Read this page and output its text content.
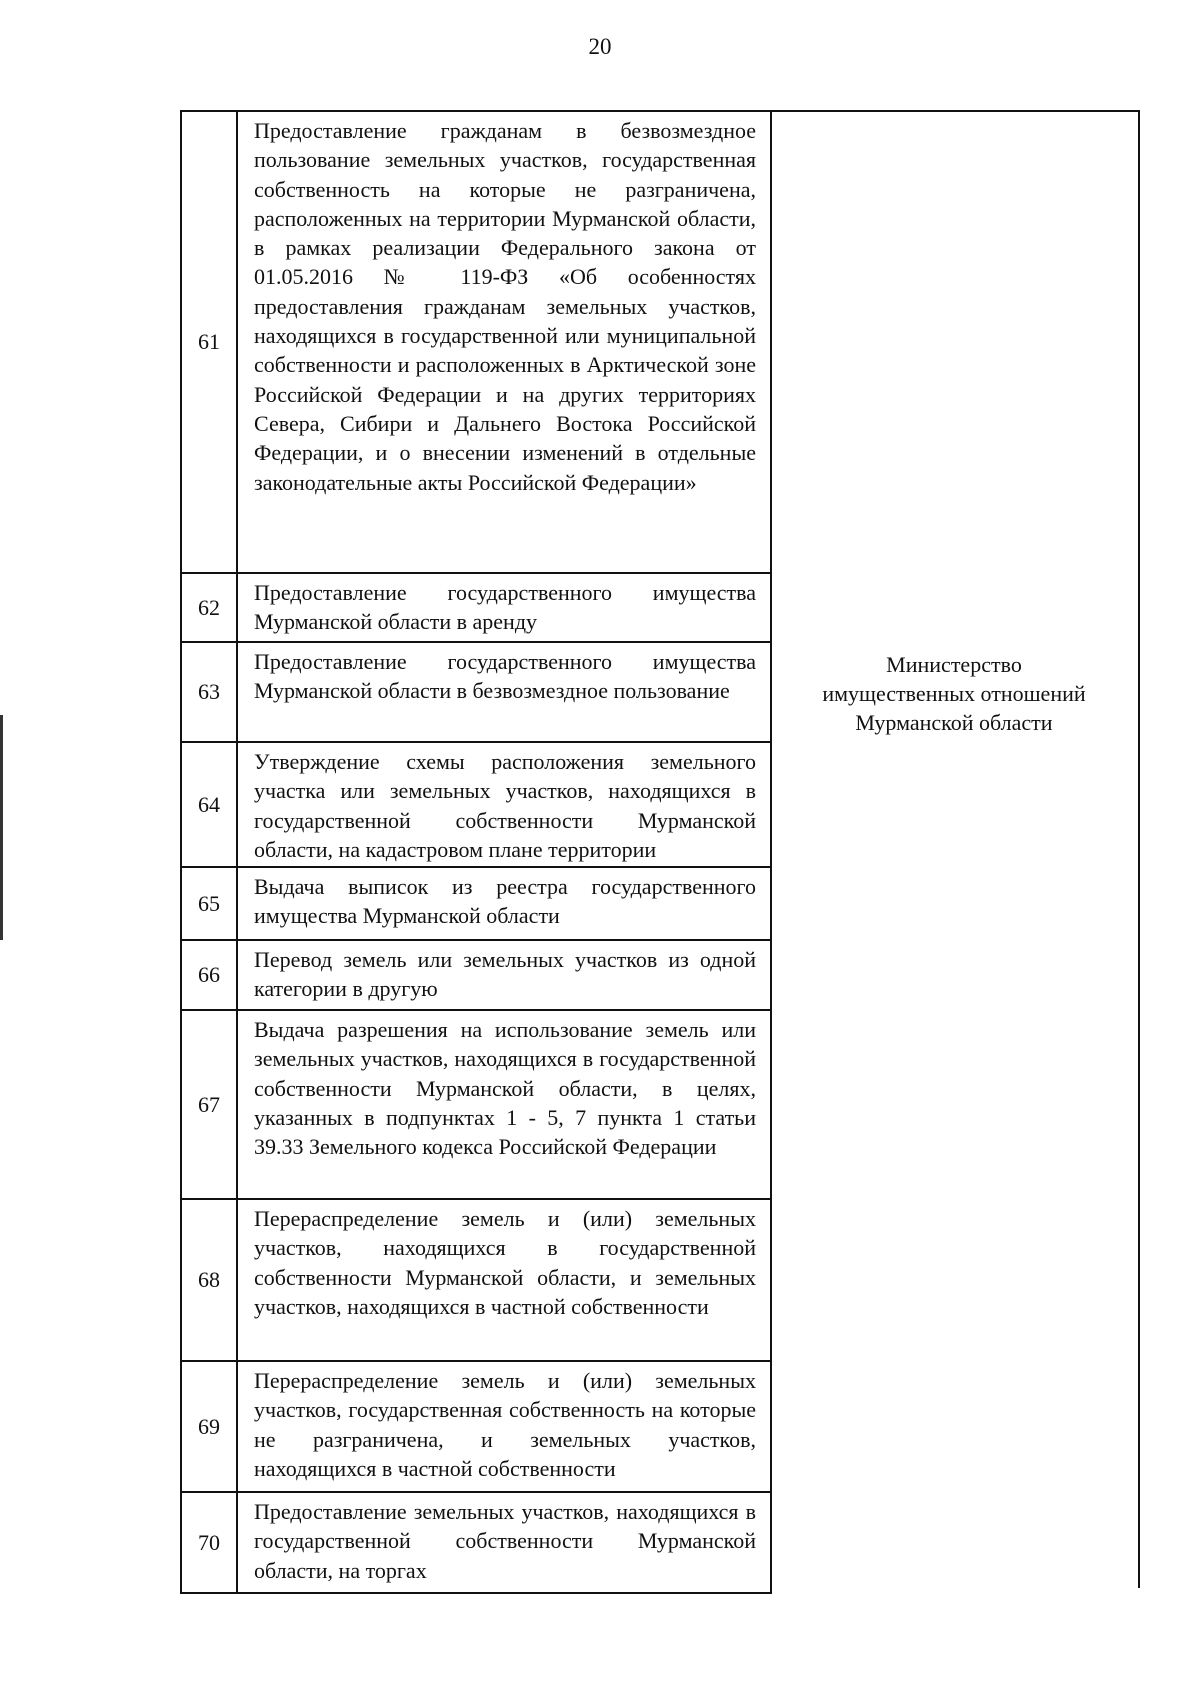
20
61
Предоставление гражданам в безвозмездное пользование земельных участков, государственная собственность на которые не разграничена, расположенных на территории Мурманской области, в рамках реализации Федерального закона от 01.05.2016 № 119-ФЗ «Об особенностях предоставления гражданам земельных участков, находящихся в государственной или муниципальной собственности и расположенных в Арктической зоне Российской Федерации и на других территориях Севера, Сибири и Дальнего Востока Российской Федерации, и о внесении изменений в отдельные законодательные акты Российской Федерации»
62
Предоставление государственного имущества Мурманской области в аренду
63
Предоставление государственного имущества Мурманской области в безвозмездное пользование
64
Утверждение схемы расположения земельного участка или земельных участков, находящихся в государственной собственности Мурманской области, на кадастровом плане территории
65
Выдача выписок из реестра государственного имущества Мурманской области
66
Перевод земель или земельных участков из одной категории в другую
67
Выдача разрешения на использование земель или земельных участков, находящихся в государственной собственности Мурманской области, в целях, указанных в подпунктах 1 - 5, 7 пункта 1 статьи 39.33 Земельного кодекса Российской Федерации
68
Перераспределение земель и (или) земельных участков, находящихся в государственной собственности Мурманской области, и земельных участков, находящихся в частной собственности
69
Перераспределение земель и (или) земельных участков, государственная собственность на которые не разграничена, и земельных участков, находящихся в частной собственности
70
Предоставление земельных участков, находящихся в государственной собственности Мурманской области, на торгах
Министерство
имущественных отношений
Мурманской области
